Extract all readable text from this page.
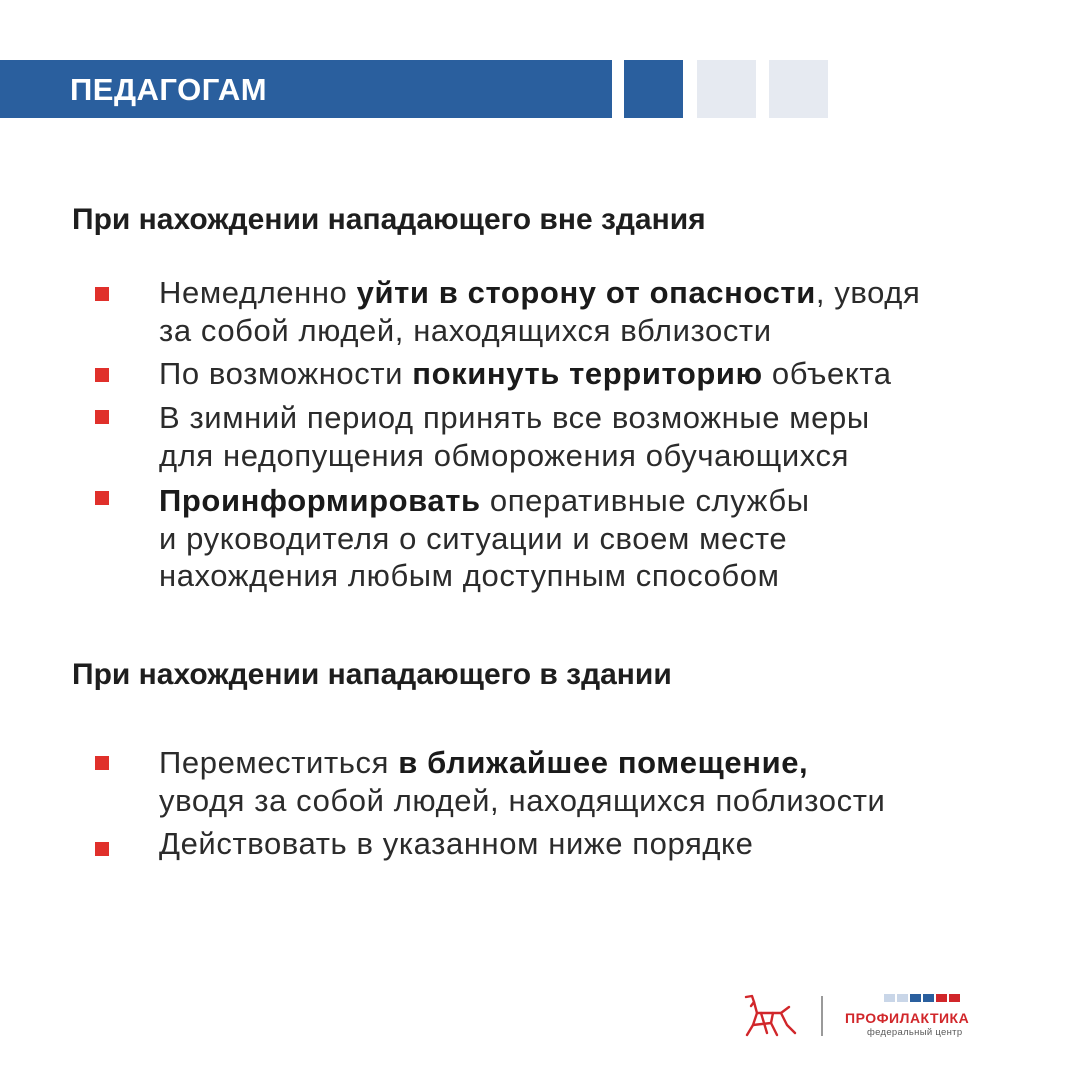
ПЕДАГОГАМ
При нахождении нападающего вне здания
Немедленно уйти в сторону от опасности, уводя
за собой людей, находящихся вблизости
По возможности покинуть территорию объекта
В зимний период принять все возможные меры
для недопущения обморожения обучающихся
Проинформировать оперативные службы
и руководителя о ситуации и своем месте
нахождения любым доступным способом
При нахождении нападающего в здании
Переместиться в ближайшее помещение,
уводя за собой людей, находящихся поблизости
Действовать в указанном ниже порядке
ПРОФИЛАКТИКА
федеральный центр
